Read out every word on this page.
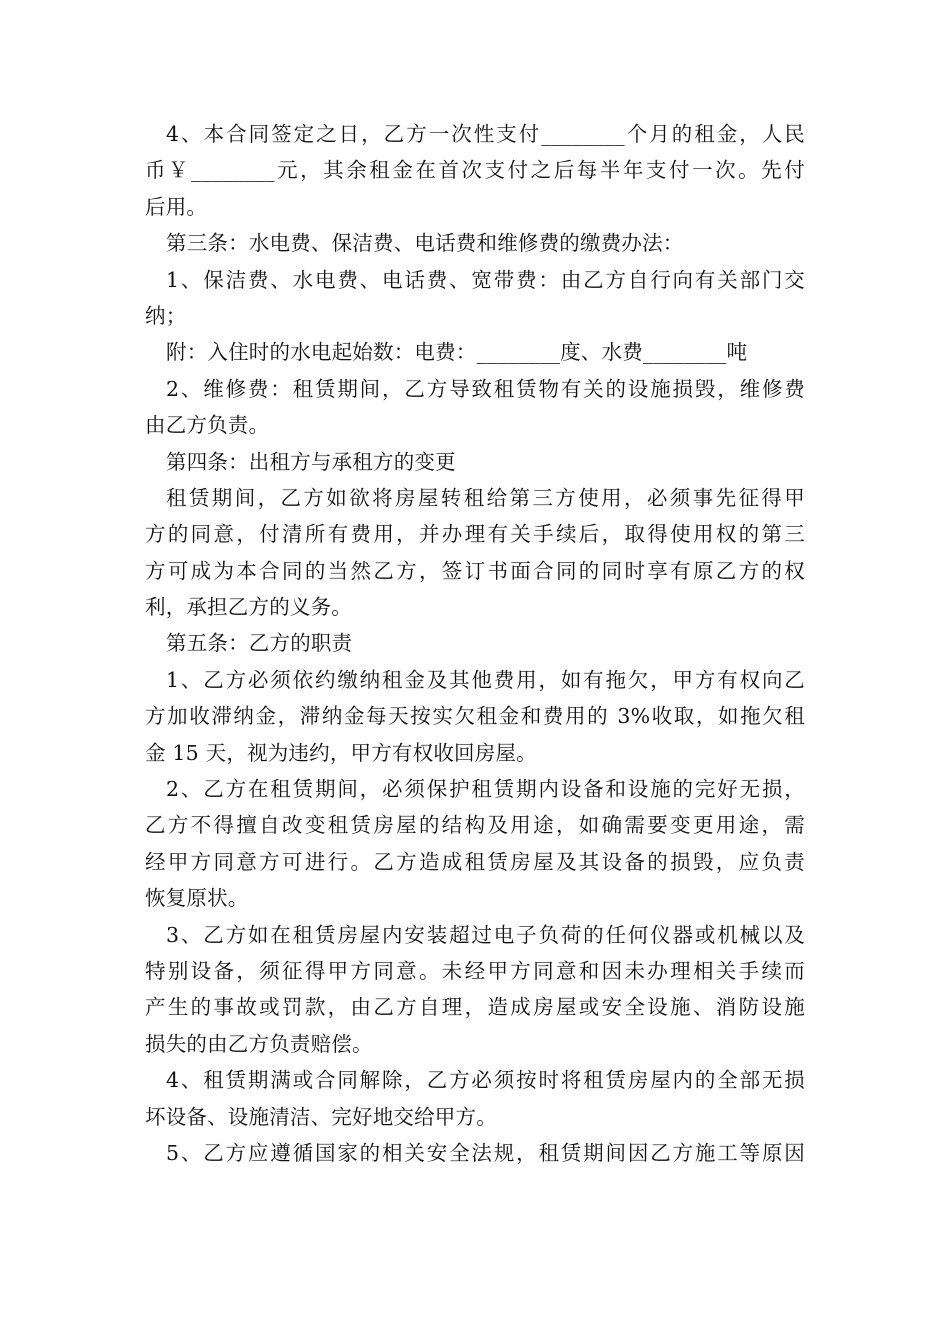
4、本合同签定之日，乙方一次性支付________个月的租金，人民
币￥________元，其余租金在首次支付之后每半年支付一次。先付
后用。
第三条：水电费、保洁费、电话费和维修费的缴费办法：
1、保洁费、水电费、电话费、宽带费：由乙方自行向有关部门交
纳；
附：入住时的水电起始数：电费：________度、水费________吨
2、维修费：租赁期间，乙方导致租赁物有关的设施损毁，维修费
由乙方负责。
第四条：出租方与承租方的变更
租赁期间，乙方如欲将房屋转租给第三方使用，必须事先征得甲
方的同意，付清所有费用，并办理有关手续后，取得使用权的第三
方可成为本合同的当然乙方，签订书面合同的同时享有原乙方的权
利，承担乙方的义务。
第五条：乙方的职责
1、乙方必须依约缴纳租金及其他费用，如有拖欠，甲方有权向乙
方加收滞纳金，滞纳金每天按实欠租金和费用的 3%收取，如拖欠租
金 15 天，视为违约，甲方有权收回房屋。
2、乙方在租赁期间，必须保护租赁期内设备和设施的完好无损，
乙方不得擅自改变租赁房屋的结构及用途，如确需要变更用途，需
经甲方同意方可进行。乙方造成租赁房屋及其设备的损毁，应负责
恢复原状。
3、乙方如在租赁房屋内安装超过电子负荷的任何仪器或机械以及
特别设备，须征得甲方同意。未经甲方同意和因未办理相关手续而
产生的事故或罚款，由乙方自理，造成房屋或安全设施、消防设施
损失的由乙方负责赔偿。
4、租赁期满或合同解除，乙方必须按时将租赁房屋内的全部无损
坏设备、设施清洁、完好地交给甲方。
5、乙方应遵循国家的相关安全法规，租赁期间因乙方施工等原因
